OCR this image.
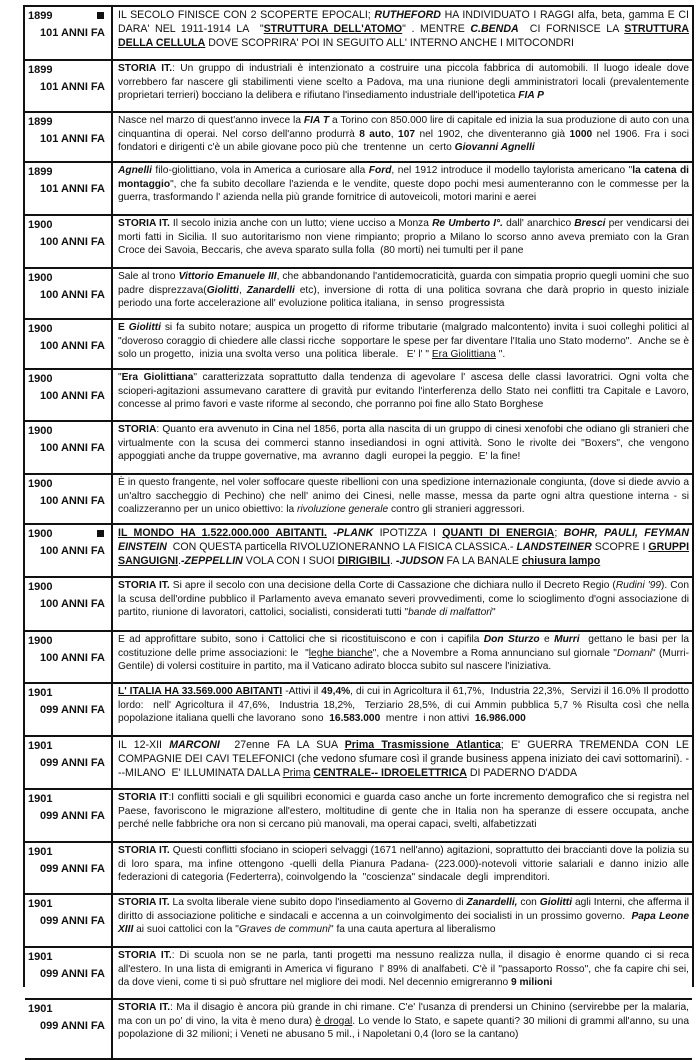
1899
101 ANNI FA
IL SECOLO FINISCE CON 2 SCOPERTE EPOCALI; RUTHEFORD HA INDIVIDUATO I RAGGI alfa, beta, gamma E CI DARA' NEL 1911-1914 LA  "STRUTTURA DELL'ATOMO" . MENTRE C.BENDA  CI FORNISCE LA STRUTTURA DELLA CELLULA DOVE SCOPRIRA' POI IN SEGUITO ALL' INTERNO ANCHE I MITOCONDRI
1899
101 ANNI FA
STORIA IT.: Un gruppo di industriali è intenzionato a costruire una piccola fabbrica di automobili. Il luogo ideale dove vorrebbero far nascere gli stabilimenti viene scelto a Padova, ma una riunione degli amministratori locali (prevalentemente proprietari terrieri) bocciano la delibera e rifiutano l'insediamento industriale dell'ipotetica FIA P
1899
101 ANNI FA
Nasce nel marzo di quest'anno invece la FIA T a Torino con 850.000 lire di capitale ed inizia la sua produzione di auto con una cinquantina di operai. Nel corso dell'anno produrrà 8 auto, 107 nel 1902, che diventeranno già 1000 nel 1906. Fra i soci fondatori e dirigenti c'è un abile giovane poco più che  trentenne  un  certo Giovanni Agnelli
1899
101 ANNI FA
Agnelli filo-giolittiano, vola in America a curiosare alla Ford, nel 1912 introduce il modello taylorista americano "la catena di montaggio", che fa subito decollare l'azienda e le vendite, queste dopo pochi mesi aumenteranno con le commesse per la guerra, trasformando l' azienda nella più grande fornitrice di autoveicoli, motori marini e aerei
1900
100 ANNI FA
STORIA IT. Il secolo inizia anche con un lutto; viene ucciso a Monza Re Umberto I°. dall' anarchico Bresci per vendicarsi dei morti fatti in Sicilia. Il suo autoritarismo non viene rimpianto; proprio a Milano lo scorso anno aveva premiato con la Gran Croce dei Savoia, Beccaris, che aveva sparato sulla folla  (80 morti) nei tumulti per il pane
1900
100 ANNI FA
Sale al trono Vittorio Emanuele III, che abbandonando l'antidemocraticità, guarda con simpatia proprio quegli uomini che suo padre disprezzava(Giolitti, Zanardelli etc), inversione di rotta di una politica sovrana che darà proprio in questo iniziale periodo una forte accelerazione all' evoluzione politica italiana,  in senso  progressista
1900
100 ANNI FA
E Giolitti si fa subito notare; auspica un progetto di riforme tributarie (malgrado malcontento) invita i suoi colleghi politici al "doveroso coraggio di chiedere alle classi ricche  sopportare le spese per far diventare l'Italia uno Stato moderno".  Anche se è solo un progetto,  inizia una svolta verso  una politica  liberale.   E' l' " Era Giolittiana ".
1900
100 ANNI FA
"Era Giolittiana" caratterizzata soprattutto dalla tendenza di agevolare l' ascesa delle classi lavoratrici. Ogni volta che scioperi-agitazioni assumevano carattere di gravità pur evitando l'interferenza dello Stato nei conflitti tra Capitale e Lavoro, concesse al primo favori e vaste riforme al secondo, che porranno poi fine allo Stato Borghese
1900
100 ANNI FA
STORIA: Quanto era avvenuto in Cina nel 1856, porta alla nascita di un gruppo di cinesi xenofobi che odiano gli stranieri che virtualmente con la scusa dei commerci stanno insediandosi in ogni attività. Sono le rivolte dei "Boxers", che vengono appoggiati anche da truppe governative, ma  avranno  dagli  europei la peggio.  E' la fine!
1900
100 ANNI FA
È in questo frangente, nel voler soffocare queste ribellioni con una spedizione internazionale congiunta, (dove si diede avvio a un'altro saccheggio di Pechino) che nell' animo dei Cinesi, nelle masse, messa da parte ogni altra questione interna - si coalizzeranno per un unico obiettivo: la rivoluzione generale contro gli stranieri aggressori.
1900
100 ANNI FA
IL MONDO HA 1.522.000.000 ABITANTI. -PLANK IPOTIZZA I QUANTI DI ENERGIA; BOHR, PAULI, FEYMAN EINSTEIN  CON QUESTA particella RIVOLUZIONERANNO LA FISICA CLASSICA.- LANDSTEINER SCOPRE I GRUPPI SANGUIGNI.-ZEPPELLIN VOLA CON I SUOI DIRIGIBILI. -JUDSON FA LA BANALE chiusura lampo
1900
100 ANNI FA
STORIA IT. Si apre il secolo con una decisione della Corte di Cassazione che dichiara nullo il Decreto Regio (Rudini '99). Con la scusa dell'ordine pubblico il Parlamento aveva emanato severi provvedimenti, come lo scioglimento d'ogni associazione di partito, riunione di lavoratori, cattolici, socialisti, considerati tutti "bande di malfattori"
1900
100 ANNI FA
E ad approfittare subito, sono i Cattolici che si ricostituiscono e con i capifila Don Sturzo e Murri  gettano le basi per la costituzione delle prime associazioni: le  "leghe bianche", che a Novembre a Roma annunciano sul giornale "Domani" (Murri-Gentile) di volersi costituire in partito, ma il Vaticano adirato blocca subito sul nascere l'iniziativa.
1901
099 ANNI FA
L' ITALIA HA 33.569.000 ABITANTI -Attivi il 49,4%, di cui in Agricoltura il 61,7%,  Industria 22,3%,  Servizi il 16.0% Il prodotto lordo:  nell' Agricoltura il 47,6%,  Industria 18,2%,  Terziario 28,5%, di cui Ammin pubblica 5,7 % Risulta così che nella popolazione italiana quelli che lavorano  sono  16.583.000  mentre  i non attivi  16.986.000
1901
099 ANNI FA
IL 12-XII MARCONI  27enne FA LA SUA Prima Trasmissione Atlantica; E' GUERRA TREMENDA CON LE COMPAGNIE DEI CAVI TELEFONICI (che vedono sfumare così il grande business appena iniziato dei cavi sottomarini). ---MILANO  E' ILLUMINATA DALLA Prima CENTRALE-- IDROELETTRICA DI PADERNO D'ADDA
1901
099 ANNI FA
STORIA IT:I conflitti sociali e gli squilibri economici e guarda caso anche un forte incremento demografico che si registra nel Paese, favoriscono le migrazione all'estero, moltitudine di gente che in Italia non ha speranze di essere occupata, anche perché nelle fabbriche ora non si cercano più manovali, ma operai capaci, svelti, alfabetizzati
1901
099 ANNI FA
STORIA IT. Questi conflitti sfociano in scioperi selvaggi (1671 nell'anno) agitazioni, soprattutto dei braccianti dove la polizia su di loro spara, ma infine ottengono -quelli della Pianura Padana- (223.000)-notevoli vittorie salariali e danno inizio alle federazioni di categoria (Federterra), coinvolgendo la  "coscienza" sindacale  degli  imprenditori.
1901
099 ANNI FA
STORIA IT. La svolta liberale viene subito dopo l'insediamento al Governo di Zanardelli, con Giolitti agli Interni, che afferma il diritto di associazione politiche e sindacali e accenna a un coinvolgimento dei socialisti in un prossimo governo.  Papa Leone XIII ai suoi cattolici con la "Graves de communi" fa una cauta apertura al liberalismo
1901
099 ANNI FA
STORIA IT.: Di scuola non se ne parla, tanti progetti ma nessuno realizza nulla, il disagio è enorme quando ci si reca all'estero. In una lista di emigranti in America vi figurano  l' 89% di analfabeti. C'è il "passaporto Rosso", che fa capire chi sei, da dove vieni, come ti si può sfruttare nel migliore dei modi. Nel decennio emigreranno 9 milioni
1901
099 ANNI FA
STORIA IT.: Ma il disagio è ancora più grande in chi rimane. C'e' l'usanza di prendersi un Chinino (servirebbe per la malaria, ma con un po' di vino, la vita è meno dura) è drogal. Lo vende lo Stato, e sapete quanti? 30 milioni di grammi all'anno, su una popolazione di 32 milioni; i Veneti ne abusano 5 mil., i Napoletani 0,4 (loro se la cantano)
